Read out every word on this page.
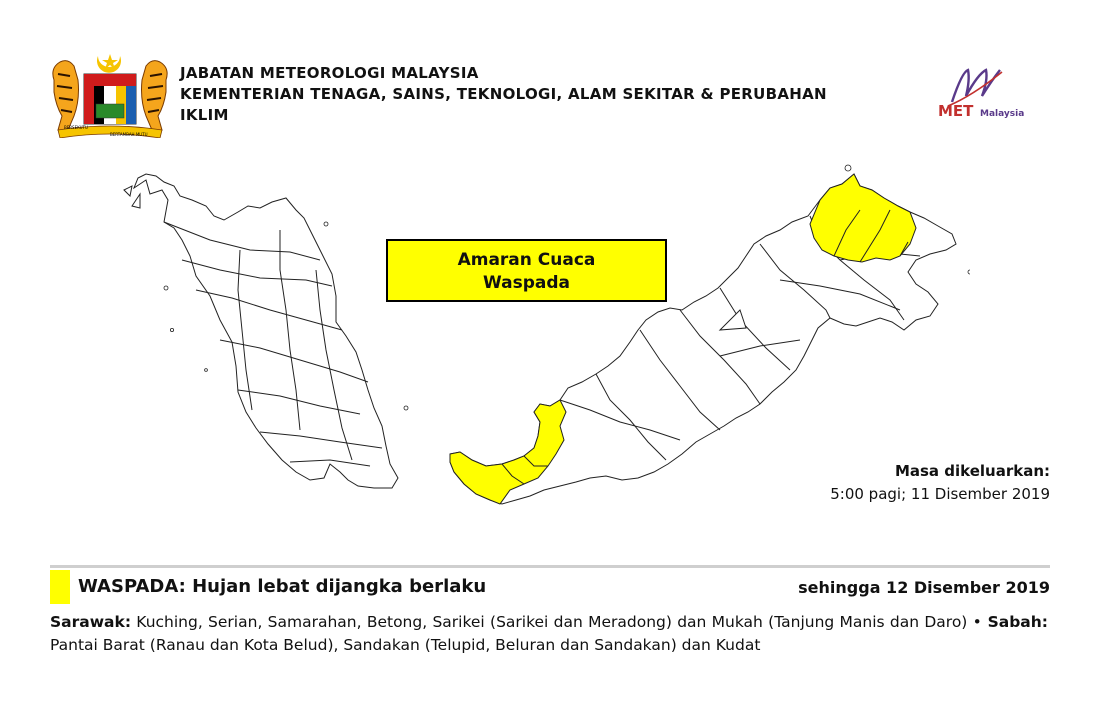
BERSEKUTU
BERTAMBAH MUTU
JABATAN METEOROLOGI MALAYSIA
KEMENTERIAN TENAGA, SAINS, TEKNOLOGI, ALAM SEKITAR & PERUBAHAN
IKLIM	MET Malaysia
Amaran Cuaca
Waspada
Masa dikeluarkan:
5:00 pagi; 11 Disember 2019
WASPADA: Hujan lebat dijangka berlaku	sehingga 12 Disember 2019
Sarawak: Kuching, Serian, Samarahan, Betong, Sarikei (Sarikei dan Meradong) dan Mukah (Tanjung Manis dan Daro) • Sabah: Pantai Barat (Ranau dan Kota Belud), Sandakan (Telupid, Beluran dan Sandakan) dan Kudat
